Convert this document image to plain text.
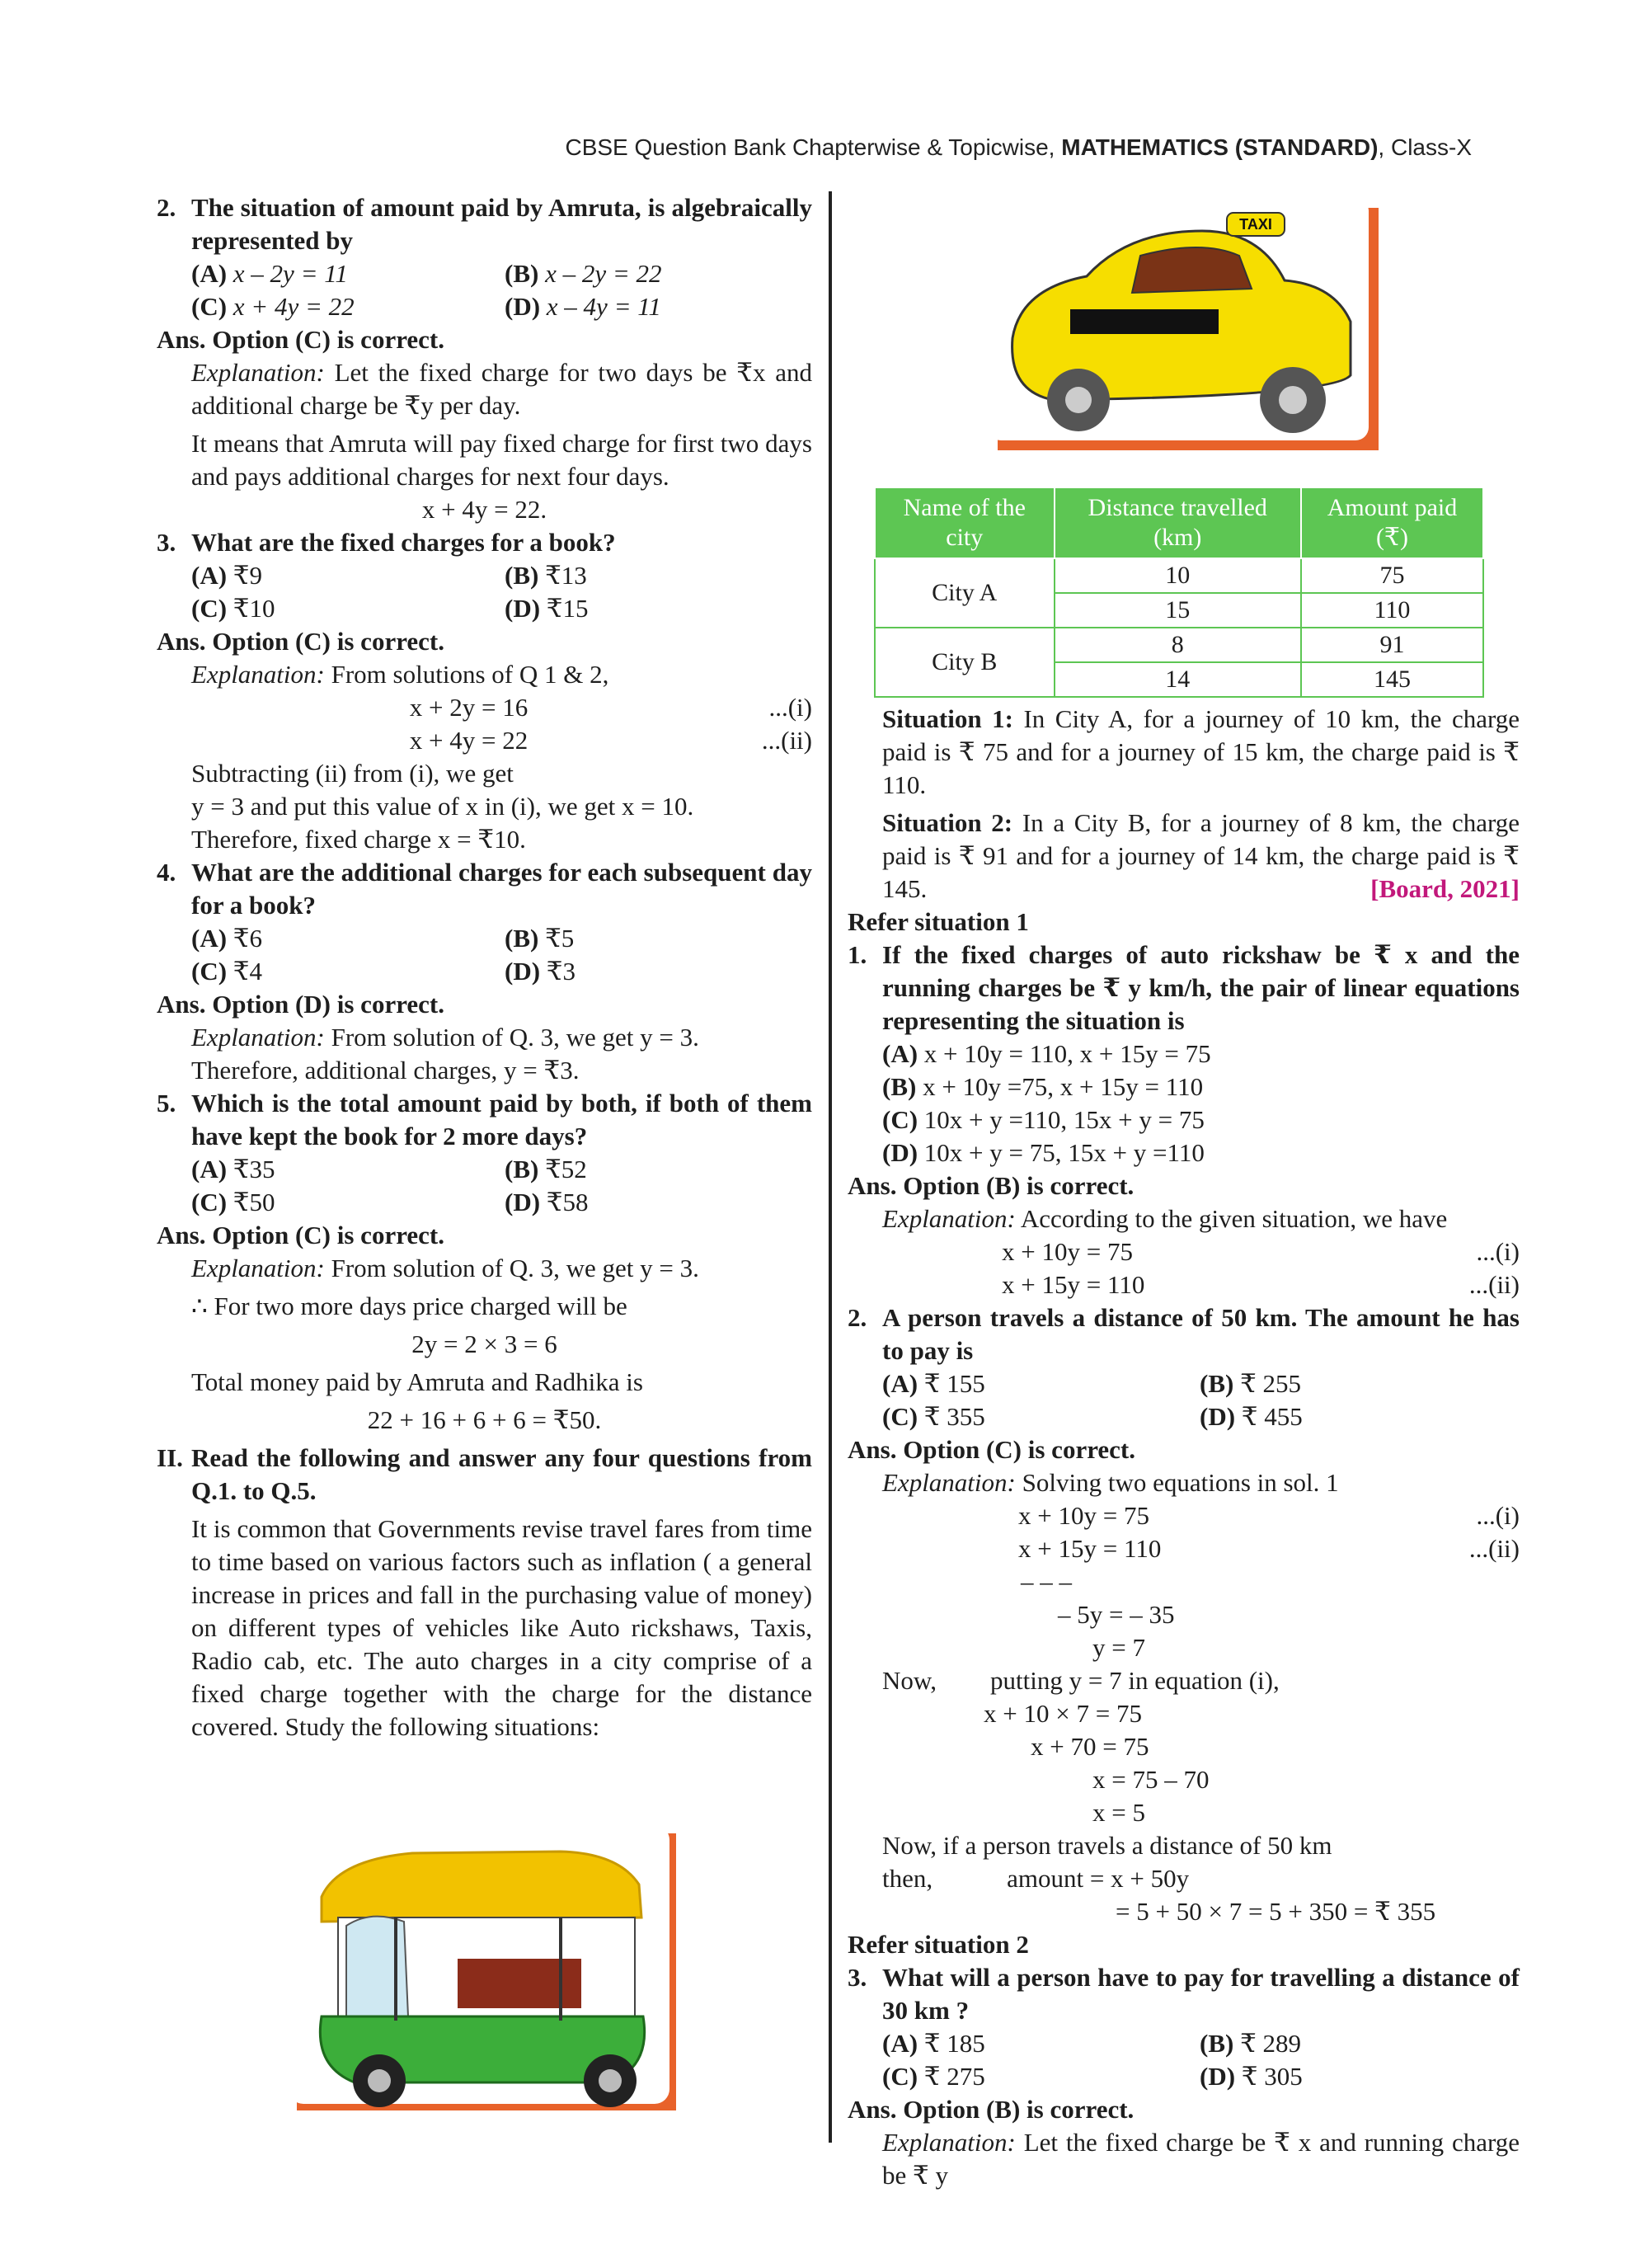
CBSE Question Bank Chapterwise & Topicwise, MATHEMATICS (STANDARD), Class-X
2. The situation of amount paid by Amruta, is algebraically represented by
(A) x – 2y = 11	(B) x – 2y = 22
(C) x + 4y = 22	(D) x – 4y = 11
Ans. Option (C) is correct.
Explanation: Let the fixed charge for two days be ₹x and additional charge be ₹y per day.
It means that Amruta will pay fixed charge for first two days and pays additional charges for next four days.
x + 4y = 22.
3. What are the fixed charges for a book?
(A) ₹9	(B) ₹13
(C) ₹10	(D) ₹15
Ans. Option (C) is correct.
Explanation: From solutions of Q 1 & 2,
x + 2y = 16	...(i)
x + 4y = 22	...(ii)
Subtracting (ii) from (i), we get
y = 3 and put this value of x in (i), we get x = 10.
Therefore, fixed charge x = ₹10.
4. What are the additional charges for each subsequent day for a book?
(A) ₹6	(B) ₹5
(C) ₹4	(D) ₹3
Ans. Option (D) is correct.
Explanation: From solution of Q. 3, we get y = 3.
Therefore, additional charges, y = ₹3.
5. Which is the total amount paid by both, if both of them have kept the book for 2 more days?
(A) ₹35	(B) ₹52
(C) ₹50	(D) ₹58
Ans. Option (C) is correct.
Explanation: From solution of Q. 3, we get y = 3.
∴ For two more days price charged will be
2y = 2 × 3 = 6
Total money paid by Amruta and Radhika is
22 + 16 + 6 + 6 = ₹50.
II. Read the following and answer any four questions from Q.1. to Q.5.
It is common that Governments revise travel fares from time to time based on various factors such as inflation ( a general increase in prices and fall in the purchasing value of money) on different types of vehicles like Auto rickshaws, Taxis, Radio cab, etc. The auto charges in a city comprise of a fixed charge together with the charge for the distance covered. Study the following situations:
TAXI
Name of the city	Distance travelled (km)	Amount paid (₹)
City A	10	75
	15	110
City B	8	91
	14	145
Situation 1: In City A, for a journey of 10 km, the charge paid is ₹ 75 and for a journey of 15 km, the charge paid is ₹ 110.
Situation 2: In a City B, for a journey of 8 km, the charge paid is ₹ 91 and for a journey of 14 km, the charge paid is ₹ 145.	[Board, 2021]
Refer situation 1
1. If the fixed charges of auto rickshaw be ₹ x and the running charges be ₹ y km/h, the pair of linear equations representing the situation is
(A) x + 10y = 110, x + 15y = 75
(B) x + 10y =75, x + 15y = 110
(C) 10x + y =110, 15x + y = 75
(D) 10x + y = 75, 15x + y =110
Ans. Option (B) is correct.
Explanation: According to the given situation, we have
x + 10y = 75	...(i)
x + 15y = 110	...(ii)
2. A person travels a distance of 50 km. The amount he has to pay is
(A) ₹ 155	(B) ₹ 255
(C) ₹ 355	(D) ₹ 455
Ans. Option (C) is correct.
Explanation: Solving two equations in sol. 1
x + 10y = 75	...(i)
x + 15y = 110	...(ii)
– – –
– 5y = – 35
y = 7
Now, putting y = 7 in equation (i),
x + 10 × 7 = 75
x + 70 = 75
x = 75 – 70
x = 5
Now, if a person travels a distance of 50 km
then,	amount = x + 50y
= 5 + 50 × 7 = 5 + 350 = ₹ 355
Refer situation 2
3. What will a person have to pay for travelling a distance of 30 km ?
(A) ₹ 185	(B) ₹ 289
(C) ₹ 275	(D) ₹ 305
Ans. Option (B) is correct.
Explanation: Let the fixed charge be ₹ x and running charge be ₹ y
